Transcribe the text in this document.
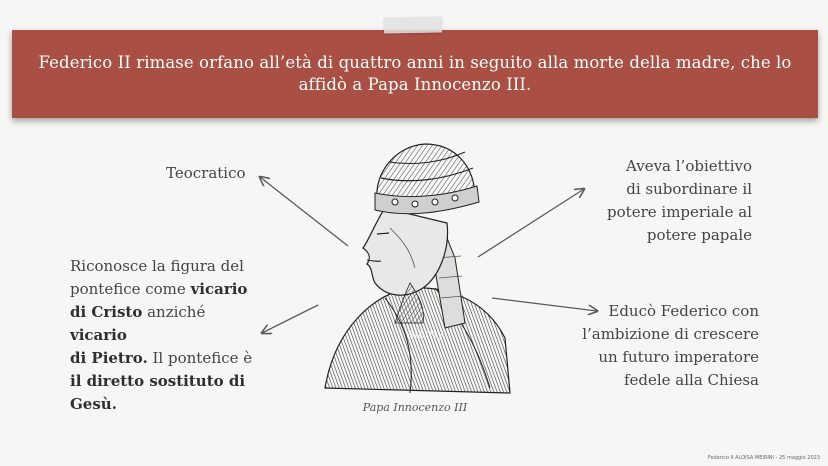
Federico II rimase orfano all’età di quattro anni in seguito alla morte della madre, che lo affidò a Papa Innocenzo III.
Teocratico	Aveva l’obiettivo
di subordinare il
potere imperiale al
potere papale
Riconosce la figura del
pontefice come vicario
di Cristo anziché vicario
di Pietro. Il pontefice è
il diretto sostituto di
Gesù.
Educò Federico con
l’ambizione di crescere
un futuro imperatore
fedele alla Chiesa
alamy
Papa Innocenzo III
Federico II ALOISA MEIRINI - 25 maggio 2023
